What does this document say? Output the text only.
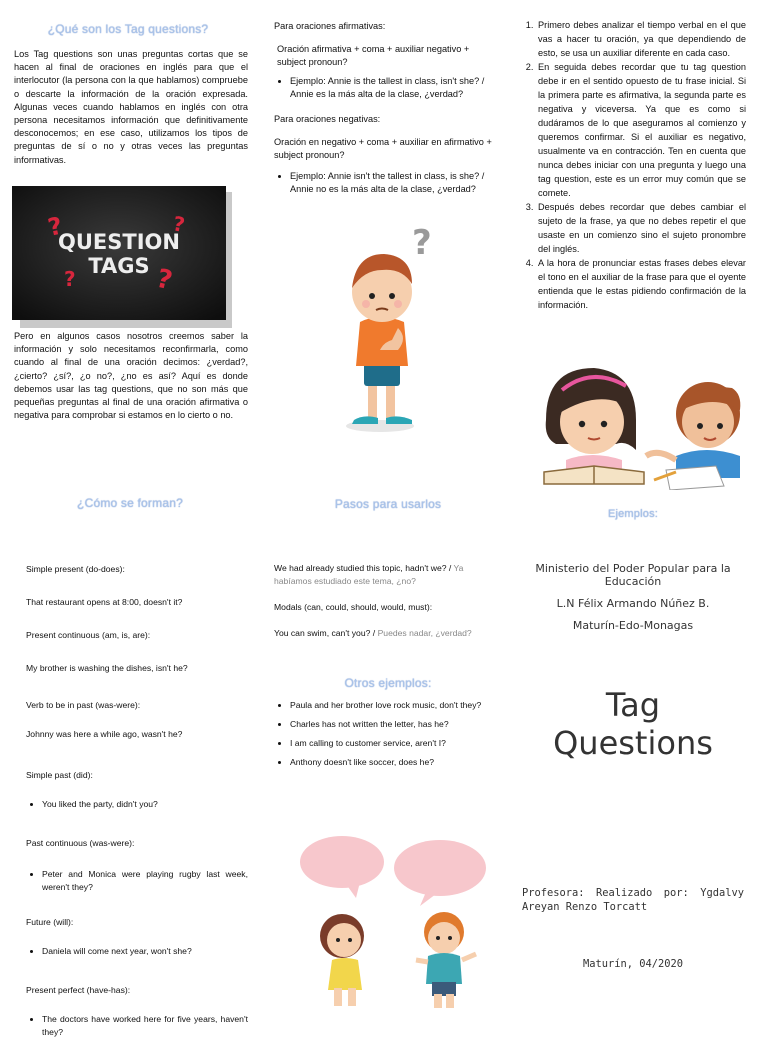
¿Qué son los Tag questions?
Los Tag questions son unas preguntas cortas que se hacen al final de oraciones en inglés para que el interlocutor (la persona con la que hablamos) compruebe o descarte la información de la oración expresada. Algunas veces cuando hablamos en inglés con otra persona necesitamos información que definitivamente desconocemos; en ese caso, utilizamos los tipos de preguntas de sí o no y otras veces las preguntas informativas.
?	?
?	?
QUESTION
TAGS
Pero en algunos casos nosotros creemos saber la información y solo necesitamos reconfirmarla, como cuando al final de una oración decimos: ¿verdad?, ¿cierto? ¿sí?, ¿o no?, ¿no es así? Aquí es donde debemos usar las tag questions, que no son más que pequeñas preguntas al final de una oración afirmativa o negativa para comprobar si estamos en lo cierto o no.

Para oraciones afirmativas:

Oración afirmativa + coma + auxiliar negativo + subject pronoun?

• Ejemplo: Annie is the tallest in class, isn't she? / Annie es la más alta de la clase, ¿verdad?

Para oraciones negativas:

Oración en negativo + coma + auxiliar en afirmativo + subject pronoun?

• Ejemplo: Annie isn't the tallest in class, is she? / Annie no es la más alta de la clase, ¿verdad?
?
1. Primero debes analizar el tiempo verbal en el que vas a hacer tu oración, ya que dependiendo de esto, se usa un auxiliar diferente en cada caso.
2. En seguida debes recordar que tu tag question debe ir en el sentido opuesto de tu frase inicial. Si la primera parte es afirmativa, la segunda parte es negativa y viceversa. Ya que es como si dudáramos de lo que aseguramos al comienzo y queremos confirmar. Si el auxiliar es negativo, usualmente va en contracción. Ten en cuenta que nunca debes iniciar con una pregunta y luego una tag question, este es un error muy común que se comete.
3. Después debes recordar que debes cambiar el sujeto de la frase, ya que no debes repetir el que usaste en un comienzo sino el sujeto pronombre del inglés.
4. A la hora de pronunciar estas frases debes elevar el tono en el auxiliar de la frase para que el oyente entienda que le estas pidiendo confirmación de la información.
¿Cómo se forman?
Simple present (do-does):
That restaurant opens at 8:00, doesn't it?
Present continuous (am, is, are):
My brother is washing the dishes, isn't he?
Verb to be in past (was-were):
Johnny was here a while ago, wasn't he?
Simple past (did):
• You liked the party, didn't you?
Past continuous (was-were):
• Peter and Monica were playing rugby last week, weren't they?
Future (will):
• Daniela will come next year, won't she?
Present perfect (have-has):
• The doctors have worked here for five years, haven't they?
Pasos para usarlos

We had already studied this topic, hadn't we? / Ya habíamos estudiado este tema, ¿no?

Modals (can, could, should, would, must):

You can swim, can't you? / Puedes nadar, ¿verdad?

Otros ejemplos:
• Paula and her brother love rock music, don't they?
• Charles has not written the letter, has he?
• I am calling to customer service, aren't I?
• Anthony doesn't like soccer, does he?
Ejemplos:
Ministerio del Poder Popular para la Educación
L.N Félix Armando Núñez B.
Maturín-Edo-Monagas
Tag
Questions
Profesora: Realizado por: Ygdalvy Areyan Renzo Torcatt
Maturín, 04/2020
